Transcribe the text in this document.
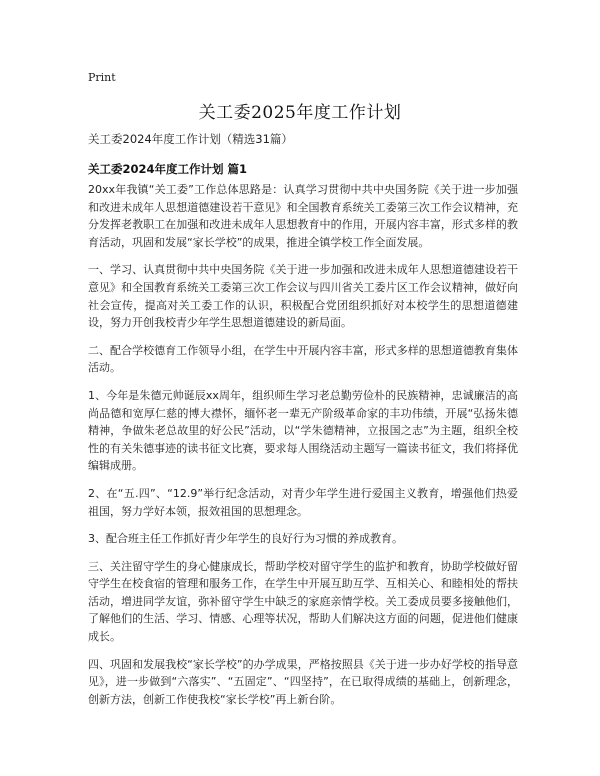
Print
关工委2025年度工作计划
关工委2024年度工作计划（精选31篇）
关工委2024年度工作计划 篇1

20xx年我镇“关工委”工作总体思路是：认真学习贯彻中共中央国务院《关于进一步加强和改进未成年人思想道德建设若干意见》和全国教育系统关工委第三次工作会议精神，充分发挥老教职工在加强和改进未成年人思想教育中的作用，开展内容丰富，形式多样的教育活动，巩固和发展“家长学校”的成果，推进全镇学校工作全面发展。

一、学习、认真贯彻中共中央国务院《关于进一步加强和改进未成年人思想道德建设若干意见》和全国教育系统关工委第三次工作会议与四川省关工委片区工作会议精神，做好向社会宣传，提高对关工委工作的认识，积极配合党团组织抓好对本校学生的思想道德建设，努力开创我校青少年学生思想道德建设的新局面。

二、配合学校德育工作领导小组，在学生中开展内容丰富，形式多样的思想道德教育集体活动。

1、今年是朱德元帅诞辰xx周年，组织师生学习老总勤劳俭朴的民族精神，忠诚廉洁的高尚品德和宽厚仁慈的博大襟怀，缅怀老一辈无产阶级革命家的丰功伟绩，开展“弘扬朱德精神，争做朱老总故里的好公民”活动，以“学朱德精神，立报国之志”为主题，组织全校性的有关朱德事迹的读书征文比赛，要求每人围绕活动主题写一篇读书征文，我们将择优编辑成册。

2、在“五.四”、“12.9”举行纪念活动，对青少年学生进行爱国主义教育，增强他们热爱祖国，努力学好本领，报效祖国的思想理念。

3、配合班主任工作抓好青少年学生的良好行为习惯的养成教育。

三、关注留守学生的身心健康成长，帮助学校对留守学生的监护和教育，协助学校做好留守学生在校食宿的管理和服务工作，在学生中开展互助互学、互相关心、和睦相处的帮扶活动，增进同学友谊，弥补留守学生中缺乏的家庭亲情学校。关工委成员要多接触他们，了解他们的生活、学习、情感、心理等状况，帮助人们解决这方面的问题，促进他们健康成长。

四、巩固和发展我校“家长学校”的办学成果，严格按照县《关于进一步办好学校的指导意见》，进一步做到“六落实”、“五固定”、“四坚持”，在已取得成绩的基础上，创新理念，创新方法，创新工作使我校“家长学校”再上新台阶。
